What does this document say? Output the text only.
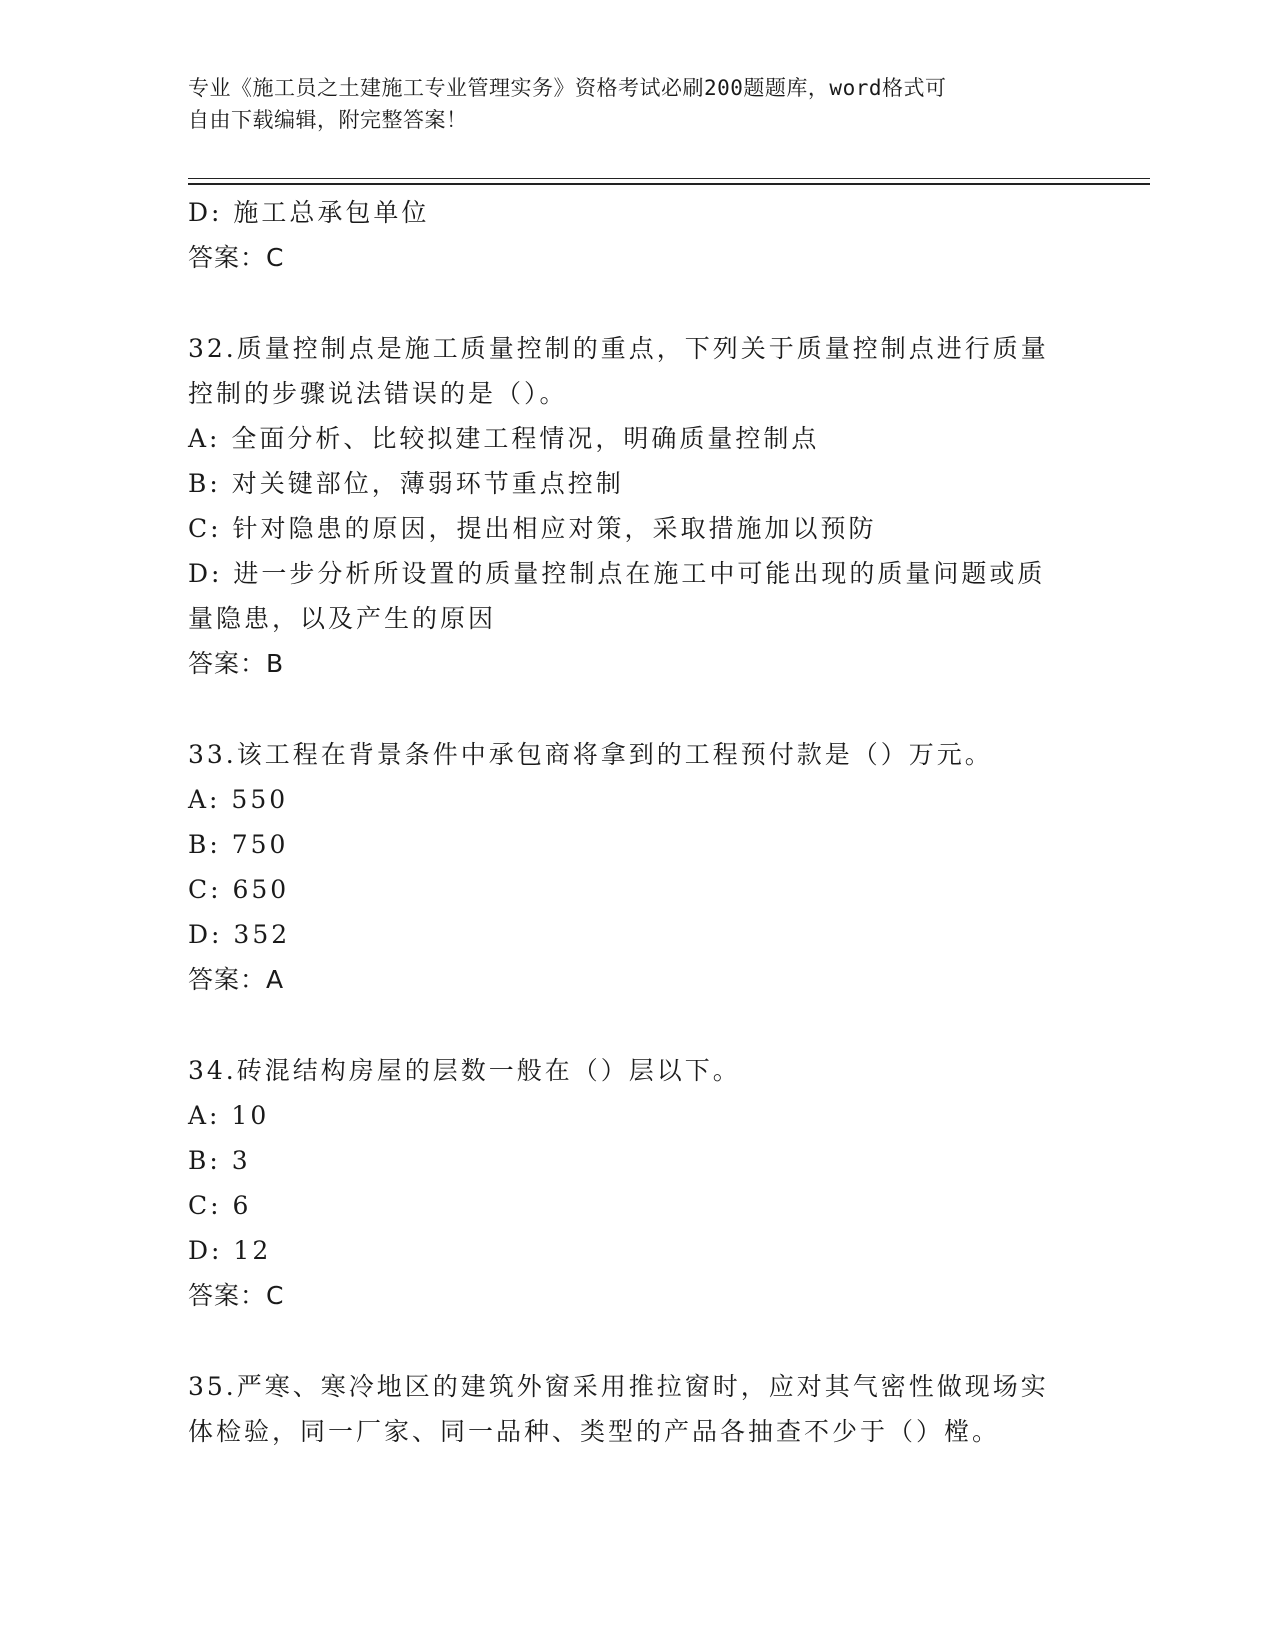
专业《施工员之土建施工专业管理实务》资格考试必刷200题题库，word格式可
自由下载编辑，附完整答案！
D: 施工总承包单位
答案：C
32.质量控制点是施工质量控制的重点，下列关于质量控制点进行质量
控制的步骤说法错误的是（）。
A: 全面分析、比较拟建工程情况，明确质量控制点
B: 对关键部位，薄弱环节重点控制
C: 针对隐患的原因，提出相应对策，采取措施加以预防
D: 进一步分析所设置的质量控制点在施工中可能出现的质量问题或质
量隐患，以及产生的原因
答案：B
33.该工程在背景条件中承包商将拿到的工程预付款是（）万元。
A: 550
B: 750
C: 650
D: 352
答案：A
34.砖混结构房屋的层数一般在（）层以下。
A: 10
B: 3
C: 6
D: 12
答案：C
35.严寒、寒冷地区的建筑外窗采用推拉窗时，应对其气密性做现场实
体检验，同一厂家、同一品种、类型的产品各抽查不少于（）樘。
